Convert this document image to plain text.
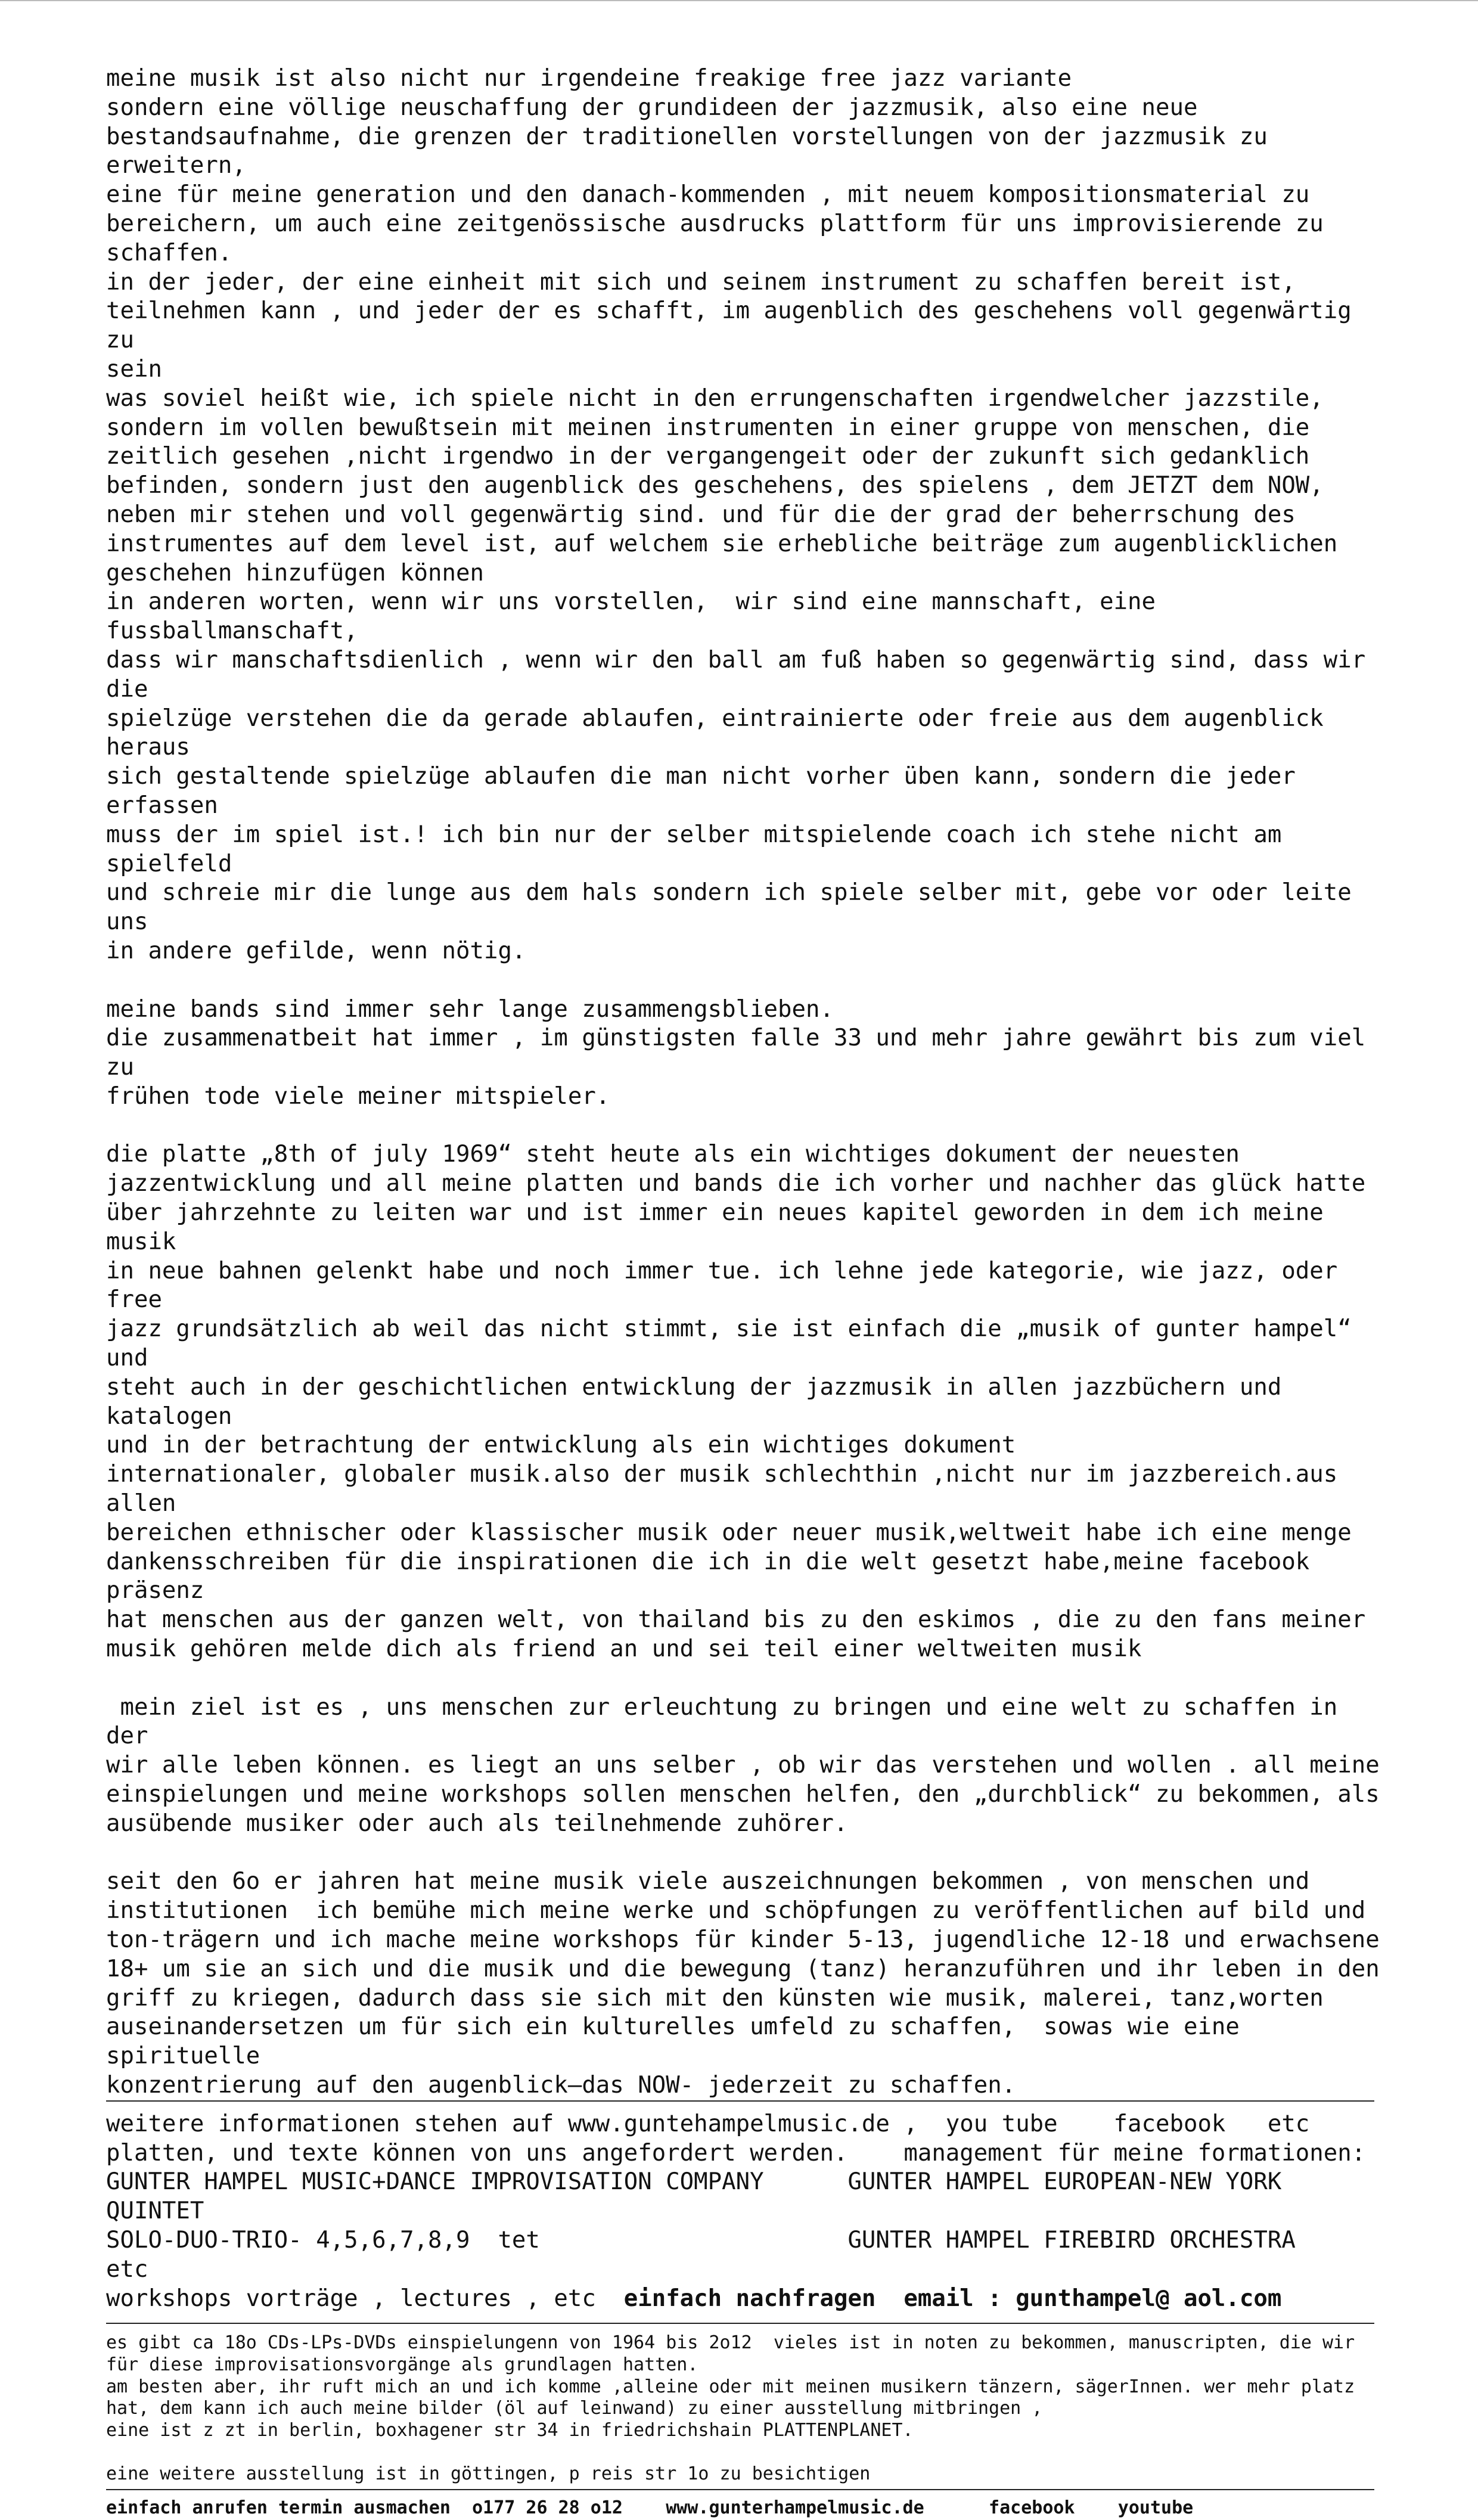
meine musik ist also nicht nur irgendeine freakige free jazz variante

sondern eine völlige neuschaffung der grundideen der jazzmusik, also eine neue

bestandsaufnahme, die grenzen der traditionellen vorstellungen von der jazzmusik zu erweitern,

eine für meine generation und den danach-kommenden , mit neuem kompositionsmaterial zu

bereichern, um auch eine zeitgenössische ausdrucks plattform für uns improvisierende zu

schaffen.

in der jeder, der eine einheit mit sich und seinem instrument zu schaffen bereit ist,

teilnehmen kann , und jeder der es schafft, im augenblich des geschehens voll gegenwärtig zu

sein

was soviel heißt wie, ich spiele nicht in den errungenschaften irgendwelcher jazzstile,

sondern im vollen bewußtsein mit meinen instrumenten in einer gruppe von menschen, die

zeitlich gesehen ,nicht irgendwo in der vergangengeit oder der zukunft sich gedanklich

befinden, sondern just den augenblick des geschehens, des spielens , dem JETZT dem NOW,

neben mir stehen und voll gegenwärtig sind. und für die der grad der beherrschung des

instrumentes auf dem level ist, auf welchem sie erhebliche beiträge zum augenblicklichen

geschehen hinzufügen können

in anderen worten, wenn wir uns vorstellen,  wir sind eine mannschaft, eine fussballmanschaft,

dass wir manschaftsdienlich , wenn wir den ball am fuß haben so gegenwärtig sind, dass wir die

spielzüge verstehen die da gerade ablaufen, eintrainierte oder freie aus dem augenblick heraus

sich gestaltende spielzüge ablaufen die man nicht vorher üben kann, sondern die jeder erfassen

muss der im spiel ist.! ich bin nur der selber mitspielende coach ich stehe nicht am spielfeld

und schreie mir die lunge aus dem hals sondern ich spiele selber mit, gebe vor oder leite uns

in andere gefilde, wenn nötig.

meine bands sind immer sehr lange zusammengsblieben.

die zusammenatbeit hat immer , im günstigsten falle 33 und mehr jahre gewährt bis zum viel zu

frühen tode viele meiner mitspieler.

die platte „8th of july 1969“ steht heute als ein wichtiges dokument der neuesten

jazzentwicklung und all meine platten und bands die ich vorher und nachher das glück hatte

über jahrzehnte zu leiten war und ist immer ein neues kapitel geworden in dem ich meine musik

in neue bahnen gelenkt habe und noch immer tue. ich lehne jede kategorie, wie jazz, oder free

jazz grundsätzlich ab weil das nicht stimmt, sie ist einfach die „musik of gunter hampel“ und

steht auch in der geschichtlichen entwicklung der jazzmusik in allen jazzbüchern und katalogen

und in der betrachtung der entwicklung als ein wichtiges dokument

internationaler, globaler musik.also der musik schlechthin ,nicht nur im jazzbereich.aus allen

bereichen ethnischer oder klassischer musik oder neuer musik,weltweit habe ich eine menge

dankensschreiben für die inspirationen die ich in die welt gesetzt habe,meine facebook präsenz

hat menschen aus der ganzen welt, von thailand bis zu den eskimos , die zu den fans meiner

musik gehören melde dich als friend an und sei teil einer weltweiten musik

mein ziel ist es , uns menschen zur erleuchtung zu bringen und eine welt zu schaffen in der

wir alle leben können. es liegt an uns selber , ob wir das verstehen und wollen . all meine

einspielungen und meine workshops sollen menschen helfen, den „durchblick“ zu bekommen, als

ausübende musiker oder auch als teilnehmende zuhörer.

seit den 6o er jahren hat meine musik viele auszeichnungen bekommen , von menschen und

institutionen  ich bemühe mich meine werke und schöpfungen zu veröffentlichen auf bild und

ton-trägern und ich mache meine workshops für kinder 5-13, jugendliche 12-18 und erwachsene

18+ um sie an sich und die musik und die bewegung (tanz) heranzuführen und ihr leben in den

griff zu kriegen, dadurch dass sie sich mit den künsten wie musik, malerei, tanz,worten

auseinandersetzen um für sich ein kulturelles umfeld zu schaffen,  sowas wie eine spirituelle

konzentrierung auf den augenblick—das NOW- jederzeit zu schaffen.

weitere informationen stehen auf www.guntehampelmusic.de ,  you tube    facebook   etc

platten, und texte können von uns angefordert werden.    management für meine formationen:

GUNTER HAMPEL MUSIC+DANCE IMPROVISATION COMPANY      GUNTER HAMPEL EUROPEAN-NEW YORK QUINTET

SOLO-DUO-TRIO- 4,5,6,7,8,9  tet                      GUNTER HAMPEL FIREBIRD ORCHESTRA    etc

workshops vorträge , lectures , etc  einfach nachfragen  email : gunthampel@ aol.com

es gibt ca 18o CDs-LPs-DVDs einspielungenn von 1964 bis 2o12  vieles ist in noten zu bekommen, manuscripten, die wir

für diese improvisationsvorgänge als grundlagen hatten.

am besten aber, ihr ruft mich an und ich komme ,alleine oder mit meinen musikern tänzern, sägerInnen. wer mehr platz

hat, dem kann ich auch meine bilder (öl auf leinwand) zu einer ausstellung mitbringen ,

eine ist z zt in berlin, boxhagener str 34 in friedrichshain PLATTENPLANET.

eine weitere ausstellung ist in göttingen, p reis str 1o zu besichtigen

einfach anrufen termin ausmachen  o177 26 28 o12    www.gunterhampelmusic.de      facebook    youtube
